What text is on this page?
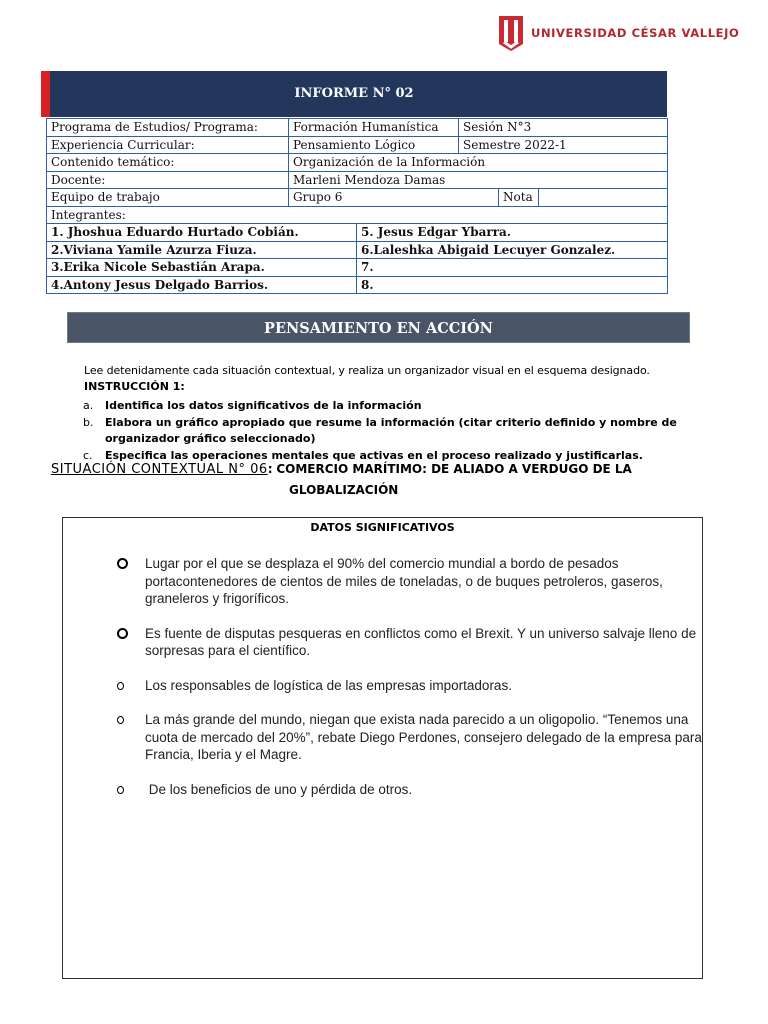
UNIVERSIDAD CÉSAR VALLEJO
INFORME N° 02
Programa de Estudios/ Programa:	Formación Humanística		Sesión N°3		
Experiencia Curricular:	Pensamiento Lógico		Semestre 2022-1		
Contenido temático:	Organización de la Información				
Docente:	Marleni Mendoza Damas				
Equipo de trabajo	Grupo 6			Nota	
Integrantes:					
1. Jhoshua Eduardo Hurtado Cobián.		5. Jesus Edgar Ybarra.			
2.Viviana Yamile Azurza Fiuza.		6.Laleshka Abigaid Lecuyer Gonzalez.			
3.Erika Nicole Sebastián Arapa.		7.			
4.Antony Jesus Delgado Barrios.		8.			
PENSAMIENTO EN ACCIÓN
Lee detenidamente cada situación contextual, y realiza un organizador visual en el esquema designado.
INSTRUCCIÓN 1:
a. Identifica los datos significativos de la información
b. Elabora un gráfico apropiado que resume la información (citar criterio definido y nombre de organizador gráfico seleccionado)
c. Especifica las operaciones mentales que activas en el proceso realizado y justificarlas.
SITUACIÓN CONTEXTUAL N° 06: COMERCIO MARÍTIMO: DE ALIADO A VERDUGO DE LA
GLOBALIZACIÓN
DATOS SIGNIFICATIVOS
Lugar por el que se desplaza el 90% del comercio mundial a bordo de pesados portacontenedores de cientos de miles de toneladas, o de buques petroleros, gaseros, graneleros y frigoríficos.
Es fuente de disputas pesqueras en conflictos como el Brexit. Y un universo salvaje lleno de sorpresas para el científico.
Los responsables de logística de las empresas importadoras.
La más grande del mundo, niegan que exista nada parecido a un oligopolio. “Tenemos una cuota de mercado del 20%”, rebate Diego Perdones, consejero delegado de la empresa para Francia, Iberia y el Magre.
De los beneficios de uno y pérdida de otros.
